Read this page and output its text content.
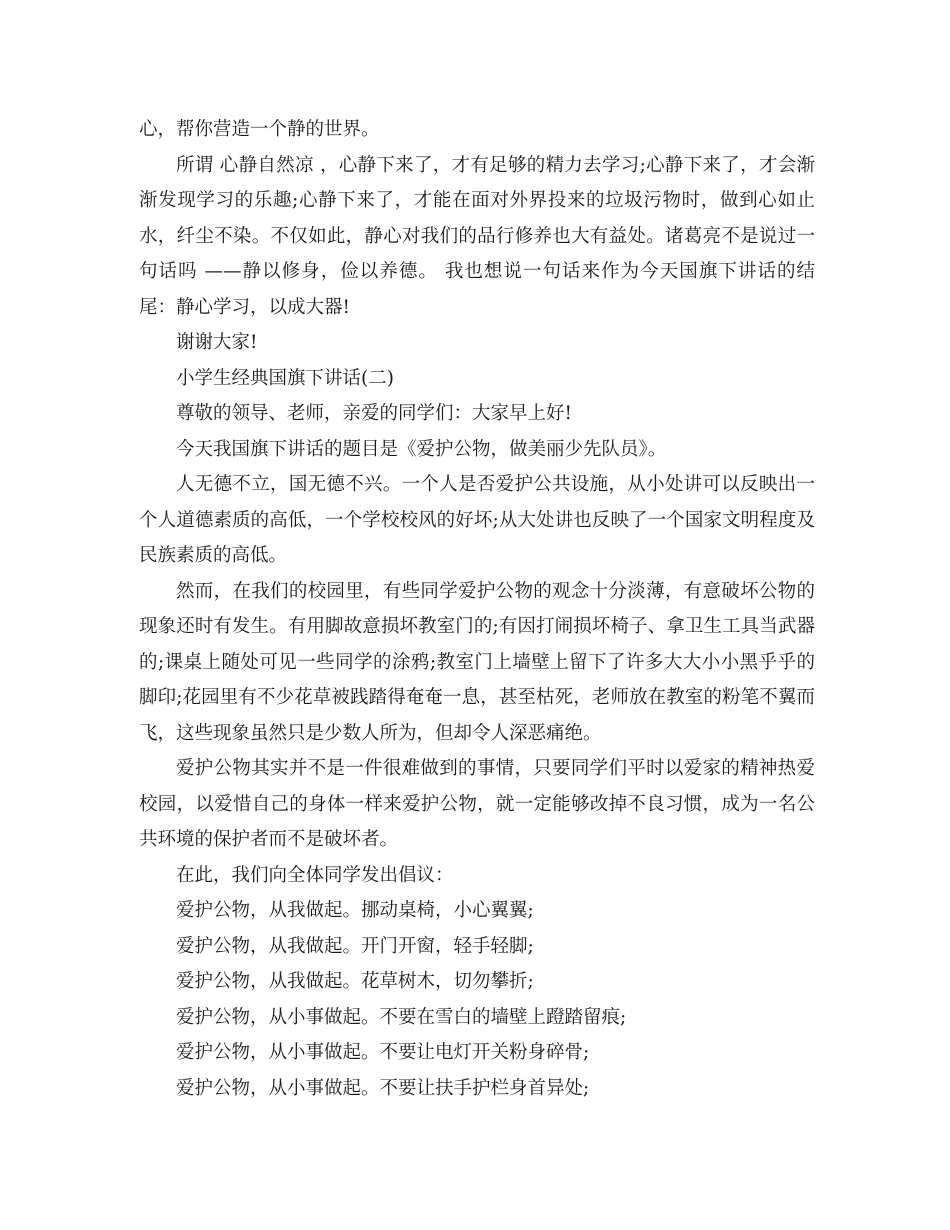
心，帮你营造一个静的世界。

所谓 心静自然凉 ，心静下来了，才有足够的精力去学习;心静下来了，才会渐渐发现学习的乐趣;心静下来了，才能在面对外界投来的垃圾污物时，做到心如止水，纤尘不染。不仅如此，静心对我们的品行修养也大有益处。诸葛亮不是说过一句话吗 ——静以修身，俭以养德。 我也想说一句话来作为今天国旗下讲话的结尾：静心学习，以成大器!

谢谢大家!

小学生经典国旗下讲话(二)

尊敬的领导、老师，亲爱的同学们：大家早上好!

今天我国旗下讲话的题目是《爱护公物，做美丽少先队员》。

人无德不立，国无德不兴。一个人是否爱护公共设施，从小处讲可以反映出一个人道德素质的高低，一个学校校风的好坏;从大处讲也反映了一个国家文明程度及民族素质的高低。

然而，在我们的校园里，有些同学爱护公物的观念十分淡薄，有意破坏公物的现象还时有发生。有用脚故意损坏教室门的;有因打闹损坏椅子、拿卫生工具当武器的;课桌上随处可见一些同学的涂鸦;教室门上墙壁上留下了许多大大小小黑乎乎的脚印;花园里有不少花草被践踏得奄奄一息，甚至枯死，老师放在教室的粉笔不翼而飞，这些现象虽然只是少数人所为，但却令人深恶痛绝。

爱护公物其实并不是一件很难做到的事情，只要同学们平时以爱家的精神热爱校园，以爱惜自己的身体一样来爱护公物，就一定能够改掉不良习惯，成为一名公共环境的保护者而不是破坏者。

在此，我们向全体同学发出倡议：

爱护公物，从我做起。挪动桌椅，小心翼翼;

爱护公物，从我做起。开门开窗，轻手轻脚;

爱护公物，从我做起。花草树木，切勿攀折;

爱护公物，从小事做起。不要在雪白的墙壁上蹬踏留痕;

爱护公物，从小事做起。不要让电灯开关粉身碎骨;

爱护公物，从小事做起。不要让扶手护栏身首异处;
